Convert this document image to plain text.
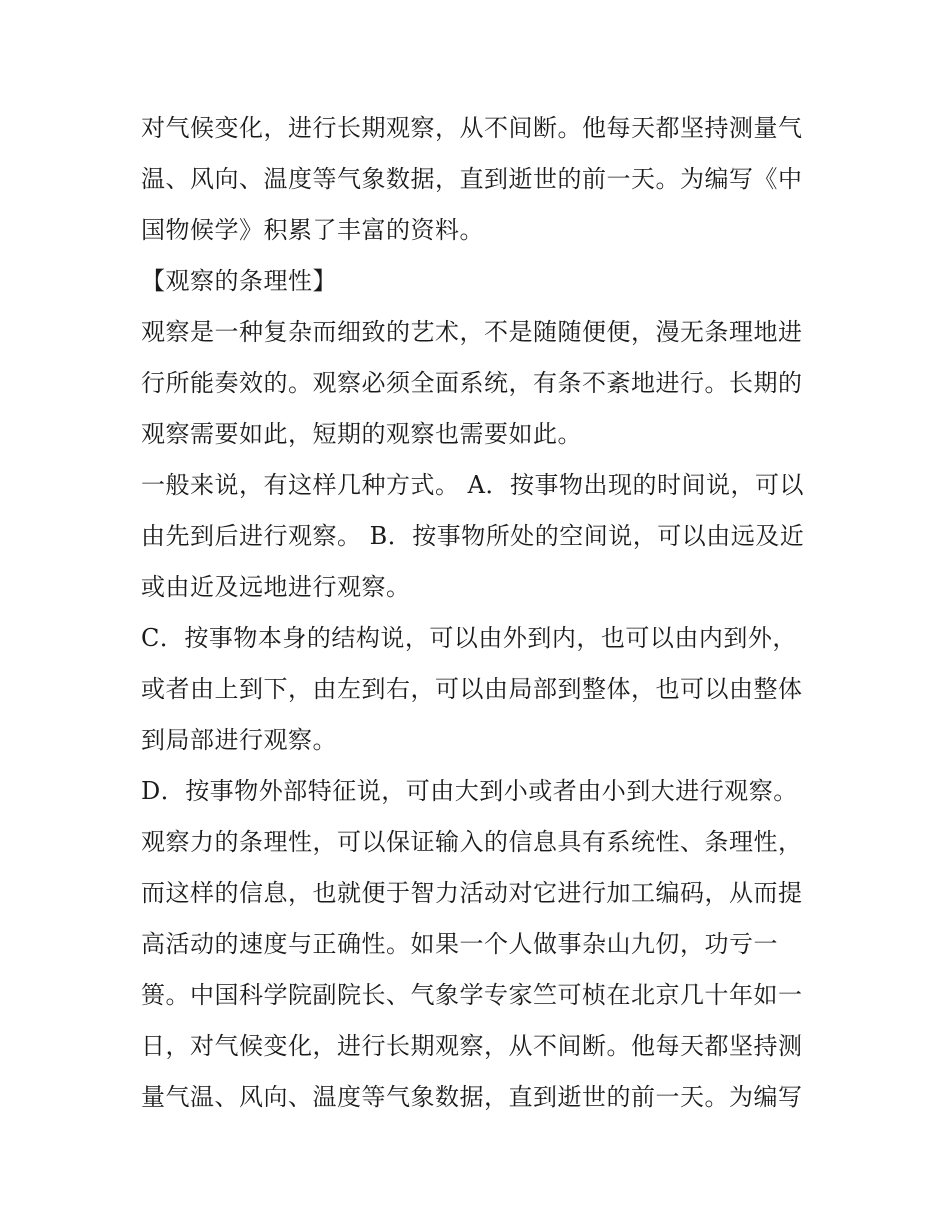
对气候变化，进行长期观察，从不间断。他每天都坚持测量气
温、风向、温度等气象数据，直到逝世的前一天。为编写《中
国物候学》积累了丰富的资料。
【观察的条理性】
观察是一种复杂而细致的艺术，不是随随便便，漫无条理地进
行所能奏效的。观察必须全面系统，有条不紊地进行。长期的
观察需要如此，短期的观察也需要如此。
一般来说，有这样几种方式。 A．按事物出现的时间说，可以
由先到后进行观察。 B．按事物所处的空间说，可以由远及近
或由近及远地进行观察。
C．按事物本身的结构说，可以由外到内，也可以由内到外，
或者由上到下，由左到右，可以由局部到整体，也可以由整体
到局部进行观察。
D．按事物外部特征说，可由大到小或者由小到大进行观察。
观察力的条理性，可以保证输入的信息具有系统性、条理性，
而这样的信息，也就便于智力活动对它进行加工编码，从而提
高活动的速度与正确性。如果一个人做事杂山九仞，功亏一
篑。中国科学院副院长、气象学专家竺可桢在北京几十年如一
日，对气候变化，进行长期观察，从不间断。他每天都坚持测
量气温、风向、温度等气象数据，直到逝世的前一天。为编写
